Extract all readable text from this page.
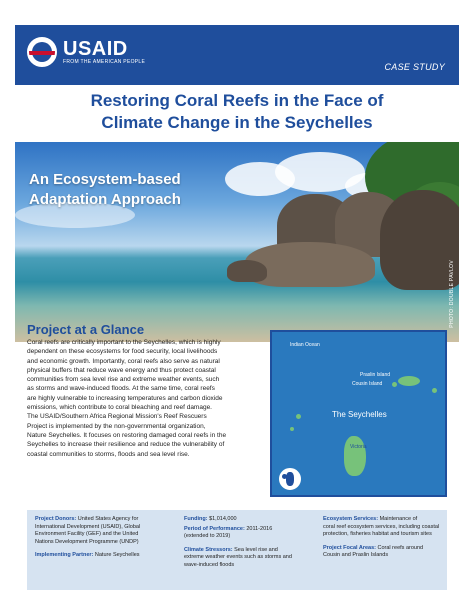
USAID
FROM THE AMERICAN PEOPLE
CASE STUDY
Restoring Coral Reefs in the Face of
Climate Change in the Seychelles
An Ecosystem-based
Adaptation Approach
PHOTO: DOUBLE PAVLOV
Project at a Glance
Coral reefs are critically important to the Seychelles, which is highly
dependent on these ecosystems for food security, local livelihoods
and economic growth. Importantly, coral reefs also serve as natural
physical buffers that reduce wave energy and thus protect coastal
communities from sea level rise and extreme weather events, such
as storms and wave-induced floods. At the same time, coral reefs
are highly vulnerable to increasing temperatures and carbon dioxide
emissions, which contribute to coral bleaching and reef damage.
The USAID/Southern Africa Regional Mission's Reef Rescuers
Project is implemented by the non-governmental organization,
Nature Seychelles. It focuses on restoring damaged coral reefs in the
Seychelles to increase their resilience and reduce the vulnerability of
coastal communities to storms, floods and sea level rise.
Indian Ocean
Praslin Island
Cousin Island
The Seychelles
Victoria
Project Donors: United States Agency for
International Development (USAID), Global
Environment Facility (GEF) and the United
Nations Development Programme (UNDP)
Implementing Partner: Nature Seychelles
Funding: $1,014,000
Period of Performance: 2011-2016
(extended to 2019)
Climate Stressors: Sea level rise and
extreme weather events such as storms and
wave-induced floods
Ecosystem Services: Maintenance of
coral reef ecosystem services, including coastal
protection, fisheries habitat and tourism sites
Project Focal Areas: Coral reefs around
Cousin and Praslin Islands
